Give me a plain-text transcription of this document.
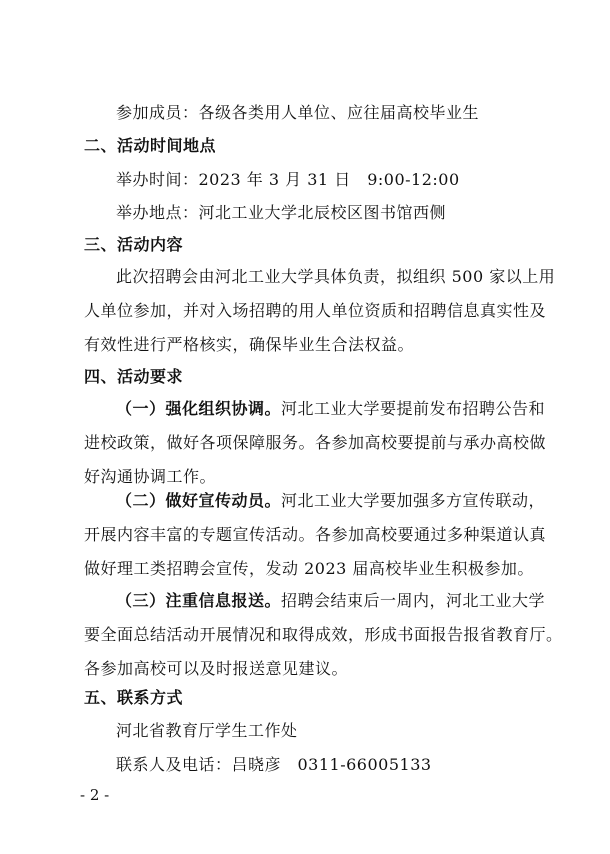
参加成员：各级各类用人单位、应往届高校毕业生
二、活动时间地点
举办时间：2023 年 3 月 31 日　9:00-12:00
举办地点：河北工业大学北辰校区图书馆西侧
三、活动内容
此次招聘会由河北工业大学具体负责，拟组织 500 家以上用
人单位参加，并对入场招聘的用人单位资质和招聘信息真实性及
有效性进行严格核实，确保毕业生合法权益。
四、活动要求
（一）强化组织协调。河北工业大学要提前发布招聘公告和
进校政策，做好各项保障服务。各参加高校要提前与承办高校做
好沟通协调工作。
（二）做好宣传动员。河北工业大学要加强多方宣传联动，
开展内容丰富的专题宣传活动。各参加高校要通过多种渠道认真
做好理工类招聘会宣传，发动 2023 届高校毕业生积极参加。
（三）注重信息报送。招聘会结束后一周内，河北工业大学
要全面总结活动开展情况和取得成效，形成书面报告报省教育厅。
各参加高校可以及时报送意见建议。
五、联系方式
河北省教育厅学生工作处
联系人及电话：吕晓彦　0311-66005133
- 2 -
